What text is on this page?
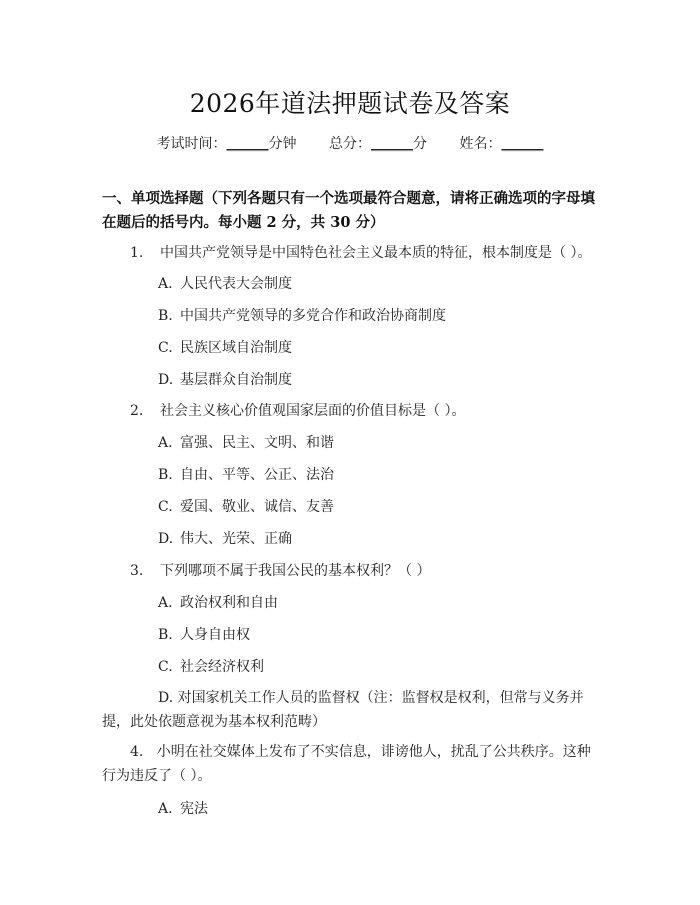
2026年道法押题试卷及答案
考试时间：______分钟 总分：______分 姓名：______
一、单项选择题（下列各题只有一个选项最符合题意，请将正确选项的字母填在题后的括号内。每小题 2 分，共 30 分）
1. 中国共产党领导是中国特色社会主义最本质的特征，根本制度是（ ）。
A. 人民代表大会制度
B. 中国共产党领导的多党合作和政治协商制度
C. 民族区域自治制度
D. 基层群众自治制度
2. 社会主义核心价值观国家层面的价值目标是（ ）。
A. 富强、民主、文明、和谐
B. 自由、平等、公正、法治
C. 爱国、敬业、诚信、友善
D. 伟大、光荣、正确
3. 下列哪项不属于我国公民的基本权利？（ ）
A. 政治权利和自由
B. 人身自由权
C. 社会经济权利
D. 对国家机关工作人员的监督权（注：监督权是权利，但常与义务并提，此处依题意视为基本权利范畴）
4. 小明在社交媒体上发布了不实信息，诽谤他人，扰乱了公共秩序。这种行为违反了（ ）。
A. 宪法
